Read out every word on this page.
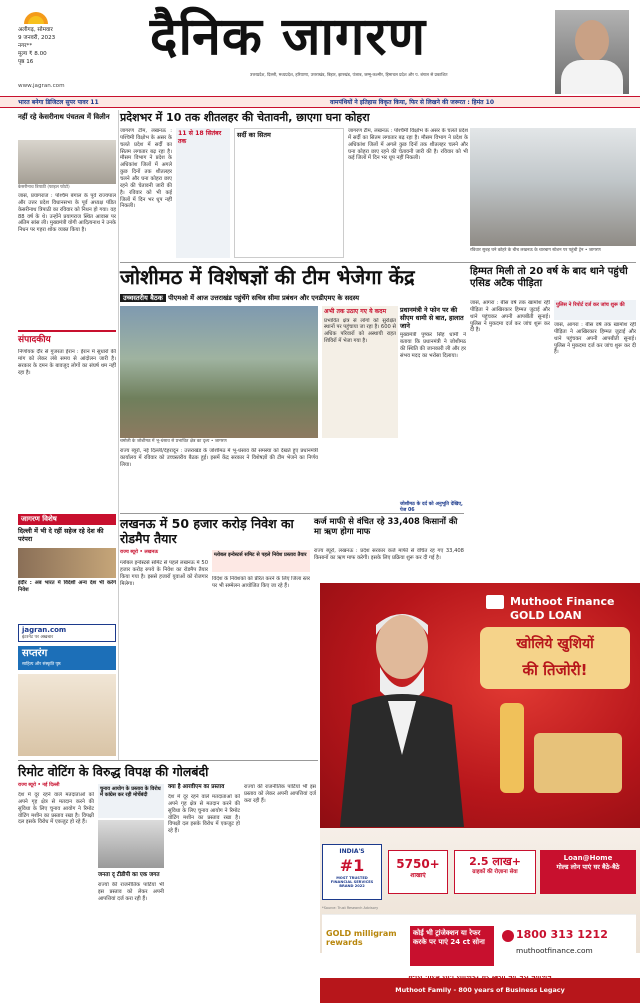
अलीगढ़, सोमवार
9 जनवरी, 2023
नगर**
मूल्य ₹ 8.00
पृष्ठ 16
www.jagran.com
दैनिक जागरण
उत्तरप्रदेश, दिल्ली, मध्यप्रदेश, हरियाणा, उत्तराखंड, बिहार, झारखंड, पंजाब, जम्मू-कश्मीर, हिमाचल प्रदेश और प. बंगाल से प्रकाशित
भारत बनेगा डिजिटल सुपर पावर 11	वामपंथियों ने इतिहास विकृत किया, फिर से लिखने की जरूरत : हिमंत 10
नहीं रहे केसरीनाथ पंचतत्व में विलीन
केसरीनाथ त्रिपाठी (फाइल फोटो)
जासं, प्रयागराज : पश्चिम बंगाल के पूर्व राज्यपाल और उत्तर प्रदेश विधानसभा के पूर्व अध्यक्ष पंडित केसरीनाथ त्रिपाठी का रविवार को निधन हो गया। वह 88 वर्ष के थे। उन्होंने प्रयागराज स्थित आवास पर अंतिम सांस ली। मुख्यमंत्री योगी आदित्यनाथ ने उनके निधन पर गहरा शोक व्यक्त किया है।
संपादकीय
निर्णायक दौर से गुजरता ईरान : ईरान में सुधारों की मांग को लेकर लंबे समय से आंदोलन जारी है। सरकार के दमन के बावजूद लोगों का संघर्ष थम नहीं रहा है।
जागरण विशेष
दिल्ली में भी दे रहीं सहेज रहे देश की परंपरा
इंदौर : अब भारत में विदेशी अन्य देश भी करेंगे निवेश
jagran.com
इंटरनेट पर अखबार
सप्तरंग
साहित्य और संस्कृति पृष्ठ
प्रदेशभर में 10 तक शीतलहर की चेतावनी, छाएगा घना कोहरा
जागरण टीम, लखनऊ : पश्चिमी विक्षोभ के असर के चलते प्रदेश में सर्दी का सितम लगातार बढ़ रहा है। मौसम विभाग ने प्रदेश के अधिकांश जिलों में अगले कुछ दिनों तक शीतलहर चलने और घना कोहरा छाए रहने की चेतावनी जारी की है। रविवार को भी कई जिलों में दिन भर धूप नहीं निकली।
11 से 18 सितंबर तक
सर्दी का सितम	जागरण टीम, लखनऊ : पश्चिमी विक्षोभ के असर के चलते प्रदेश में सर्दी का सितम लगातार बढ़ रहा है। मौसम विभाग ने प्रदेश के अधिकांश जिलों में अगले कुछ दिनों तक शीतलहर चलने और घना कोहरा छाए रहने की चेतावनी जारी की है। रविवार को भी कई जिलों में दिन भर धूप नहीं निकली।
रविवार सुबह घने कोहरे के बीच लखनऊ के चारबाग स्टेशन पर पहुंची ट्रेन • जागरण
जोशीमठ में विशेषज्ञों की टीम भेजेगा केंद्र
उच्चस्तरीय बैठक पीएमओ में आज उत्तराखंड पहुंचेंगे सचिव सीमा प्रबंधन और एनडीएमए के सदस्य
चमोली के जोशीमठ में भू-धंसाव से प्रभावित क्षेत्र का दृश्य • जागरण
अभी तक उठाए गए ये कदम
प्रभावित क्षेत्र से लोगों को सुरक्षित स्थानों पर पहुंचाया जा रहा है। 600 से अधिक परिवारों को अस्थायी राहत शिविरों में भेजा गया है।
राज्य ब्यूरो, नई दिल्ली/देहरादून : उत्तराखंड के जोशीमठ में भू-धंसाव की समस्या को देखते हुए प्रधानमंत्री कार्यालय में रविवार को उच्चस्तरीय बैठक हुई। इसमें केंद्र सरकार ने विशेषज्ञों की टीम भेजने का निर्णय लिया।
प्रधानमंत्री ने फोन पर की सीएम धामी से बात, हालात जाने
मुख्यमंत्री पुष्कर सिंह धामी ने बताया कि प्रधानमंत्री ने जोशीमठ की स्थिति की जानकारी ली और हर संभव मदद का भरोसा दिलाया।
जोशीमठ के दर्द को अनुभूति देखिए, पेज 06
हिम्मत मिली तो 20 वर्ष के बाद थाने पहुंची एसिड अटैक पीड़िता
जासं, आगरा : बीस वर्ष तक खामोश रही पीड़िता ने आखिरकार हिम्मत जुटाई और थाने पहुंचकर अपनी आपबीती सुनाई। पुलिस ने मुकदमा दर्ज कर जांच शुरू कर दी है।
पुलिस ने रिपोर्ट दर्ज कर जांच शुरू की
जासं, आगरा : बीस वर्ष तक खामोश रही पीड़िता ने आखिरकार हिम्मत जुटाई और थाने पहुंचकर अपनी आपबीती सुनाई। पुलिस ने मुकदमा दर्ज कर जांच शुरू कर दी है।
लखनऊ में 50 हजार करोड़ निवेश का रोडमैप तैयार
राज्य ब्यूरो • लखनऊ	ग्लोबल इन्वेस्टर्स समिट से पहले निवेश प्रस्ताव तैयार
ग्लोबल इन्वेस्टर्स समिट से पहले लखनऊ में 50 हजार करोड़ रुपये के निवेश का रोडमैप तैयार किया गया है। इससे हजारों युवाओं को रोजगार मिलेगा।
विदेश के निवेशकों को प्रेरित करने के लिए जिला स्तर पर भी सम्मेलन आयोजित किए जा रहे हैं।
कर्ज माफी से वंचित रहे 33,408 किसानों की मा ऋण होगा माफ
राज्य ब्यूरो, लखनऊ : प्रदेश सरकार कर्ज माफी से वंचित रह गए 33,408 किसानों का ऋण माफ करेगी। इसके लिए प्रक्रिया शुरू कर दी गई है।
रिमोट वोटिंग के विरुद्ध विपक्ष की गोलबंदी
राज्य ब्यूरो • नई दिल्ली
देश में दूर रहने वाले मतदाताओं को अपने गृह क्षेत्र से मतदान करने की सुविधा के लिए चुनाव आयोग ने रिमोट वोटिंग मशीन का प्रस्ताव रखा है। विपक्षी दल इसके विरोध में एकजुट हो रहे हैं।
चुनाव आयोग के प्रस्ताव के विरोध में कांग्रेस कर रही मोर्चेबंदी
जनता दृ टीडीपी का एक जगत
राज्यों की राजनीतिक पार्टियां भी इस प्रस्ताव को लेकर अपनी आपत्तियां दर्ज करा रही हैं।
क्या है आरवीएम का प्रस्ताव
देश में दूर रहने वाले मतदाताओं को अपने गृह क्षेत्र से मतदान करने की सुविधा के लिए चुनाव आयोग ने रिमोट वोटिंग मशीन का प्रस्ताव रखा है। विपक्षी दल इसके विरोध में एकजुट हो रहे हैं।
राज्यों की राजनीतिक पार्टियां भी इस प्रस्ताव को लेकर अपनी आपत्तियां दर्ज करा रही हैं।
Muthoot Finance
GOLD LOAN
खोलिये खुशियों
की तिजोरी!
INDIA'S
#1
MOST TRUSTED FINANCIAL SERVICES BRAND 2022
5750+
शाखाएं
2.5 लाख+
ग्राहकों की रोज़ाना सेवा
Loan@Home
गोल्ड लोन पाएं घर बैठे-बैठे
*Source: Trust Research Advisory
GOLD milligram rewards
कोई भी ट्रांजेक्शन या रेफर करके पर पाएं 24 ct सोना
1800 313 1212
muthootfinance.com
Muthoot Family - 800 years of Business Legacy
